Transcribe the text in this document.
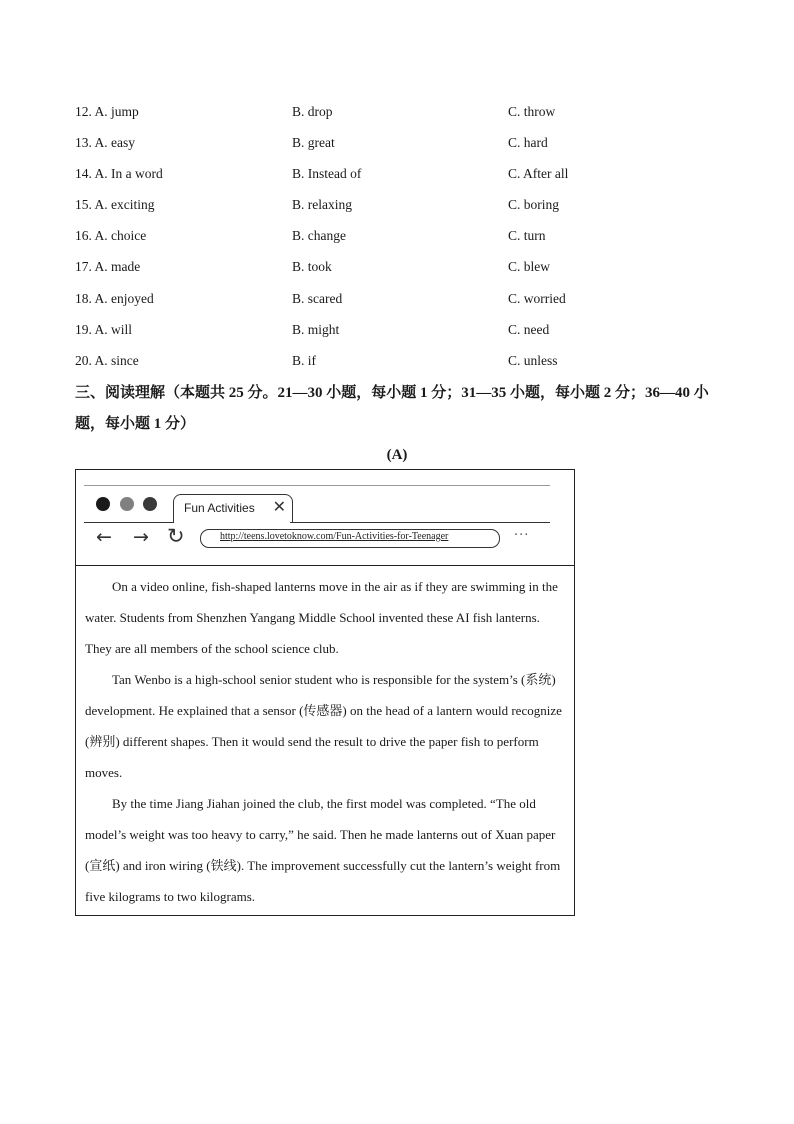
12. A. jump	B. drop	C. throw
13. A. easy	B. great	C. hard
14. A. In a word	B. Instead of	C. After all
15. A. exciting	B. relaxing	C. boring
16. A. choice	B. change	C. turn
17. A. made	B. took	C. blew
18. A. enjoyed	B. scared	C. worried
19. A. will	B. might	C. need
20. A. since	B. if	C. unless
三、阅读理解（本题共 25 分。21—30 小题，每小题 1 分；31—35 小题，每小题 2 分；36—40 小题，每小题 1 分）
(A)
Fun Activities ✕
← → ↻	http://teens.lovetoknow.com/Fun-Activities-for-Teenager	···

On a video online, fish-shaped lanterns move in the air as if they are swimming in the water. Students from Shenzhen Yangang Middle School invented these AI fish lanterns. They are all members of the school science club.

Tan Wenbo is a high-school senior student who is responsible for the system’s (系统) development. He explained that a sensor (传感器) on the head of a lantern would recognize (辨别) different shapes. Then it would send the result to drive the paper fish to perform moves.

By the time Jiang Jiahan joined the club, the first model was completed. “The old model’s weight was too heavy to carry,” he said. Then he made lanterns out of Xuan paper (宣纸) and iron wiring (铁线). The improvement successfully cut the lantern’s weight from five kilograms to two kilograms.
